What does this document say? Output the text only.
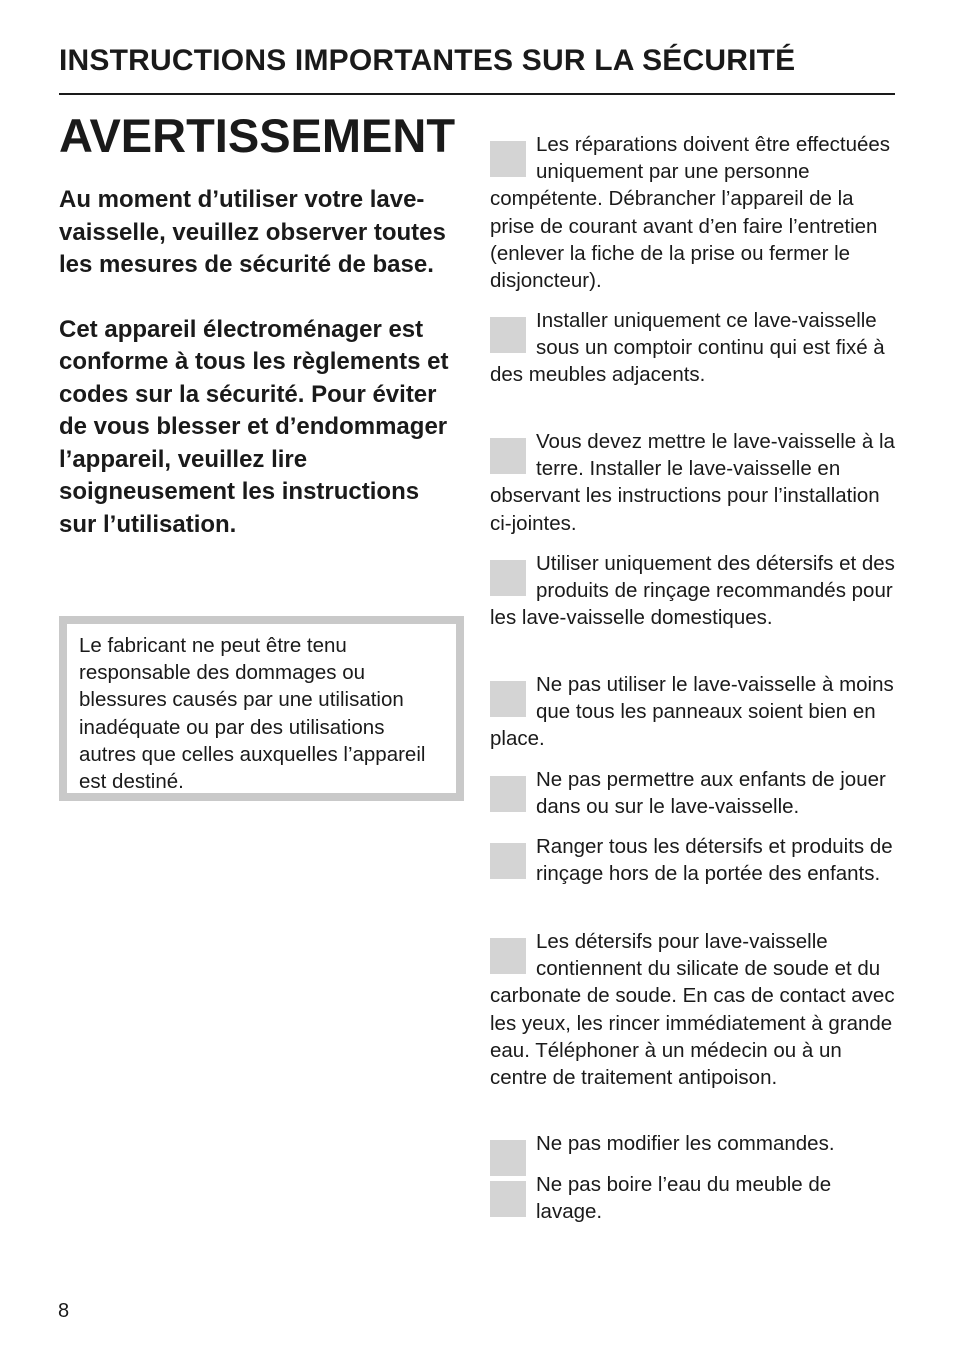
INSTRUCTIONS IMPORTANTES SUR LA SÉCURITÉ
AVERTISSEMENT

Au moment d’utiliser votre lave-vaisselle, veuillez observer toutes les mesures de sécurité de base.

Cet appareil électroménager est conforme à tous les règlements et codes sur la sécurité. Pour éviter de vous blesser et d’endommager l’appareil, veuillez lire soigneusement les instructions sur l’utilisation.

Le fabricant ne peut être tenu responsable des dommages ou blessures causés par une utilisation inadéquate ou par des utilisations autres que celles auxquelles l’appareil est destiné.

Les réparations doivent être effectuées uniquement par une personne compétente. Débrancher l’appareil de la prise de courant avant d’en faire l’entretien (enlever la fiche de la prise ou fermer le disjoncteur).
Installer uniquement ce lave-vaisselle sous un comptoir continu qui est fixé à des meubles adjacents.
Vous devez mettre le lave-vaisselle à la terre. Installer le lave-vaisselle en observant les instructions pour l’installation ci-jointes.
Utiliser uniquement des détersifs et des produits de rinçage recommandés pour les lave-vaisselle domestiques.
Ne pas utiliser le lave-vaisselle à moins que tous les panneaux soient bien en place.
Ne pas permettre aux enfants de jouer dans ou sur le lave-vaisselle.
Ranger tous les détersifs et produits de rinçage hors de la portée des enfants.
Les détersifs pour lave-vaisselle contiennent du silicate de soude et du carbonate de soude. En cas de contact avec les yeux, les rincer immédiatement à grande eau. Téléphoner à un médecin ou à un centre de traitement antipoison.
Ne pas modifier les commandes.
Ne pas boire l’eau du meuble de lavage.
8
